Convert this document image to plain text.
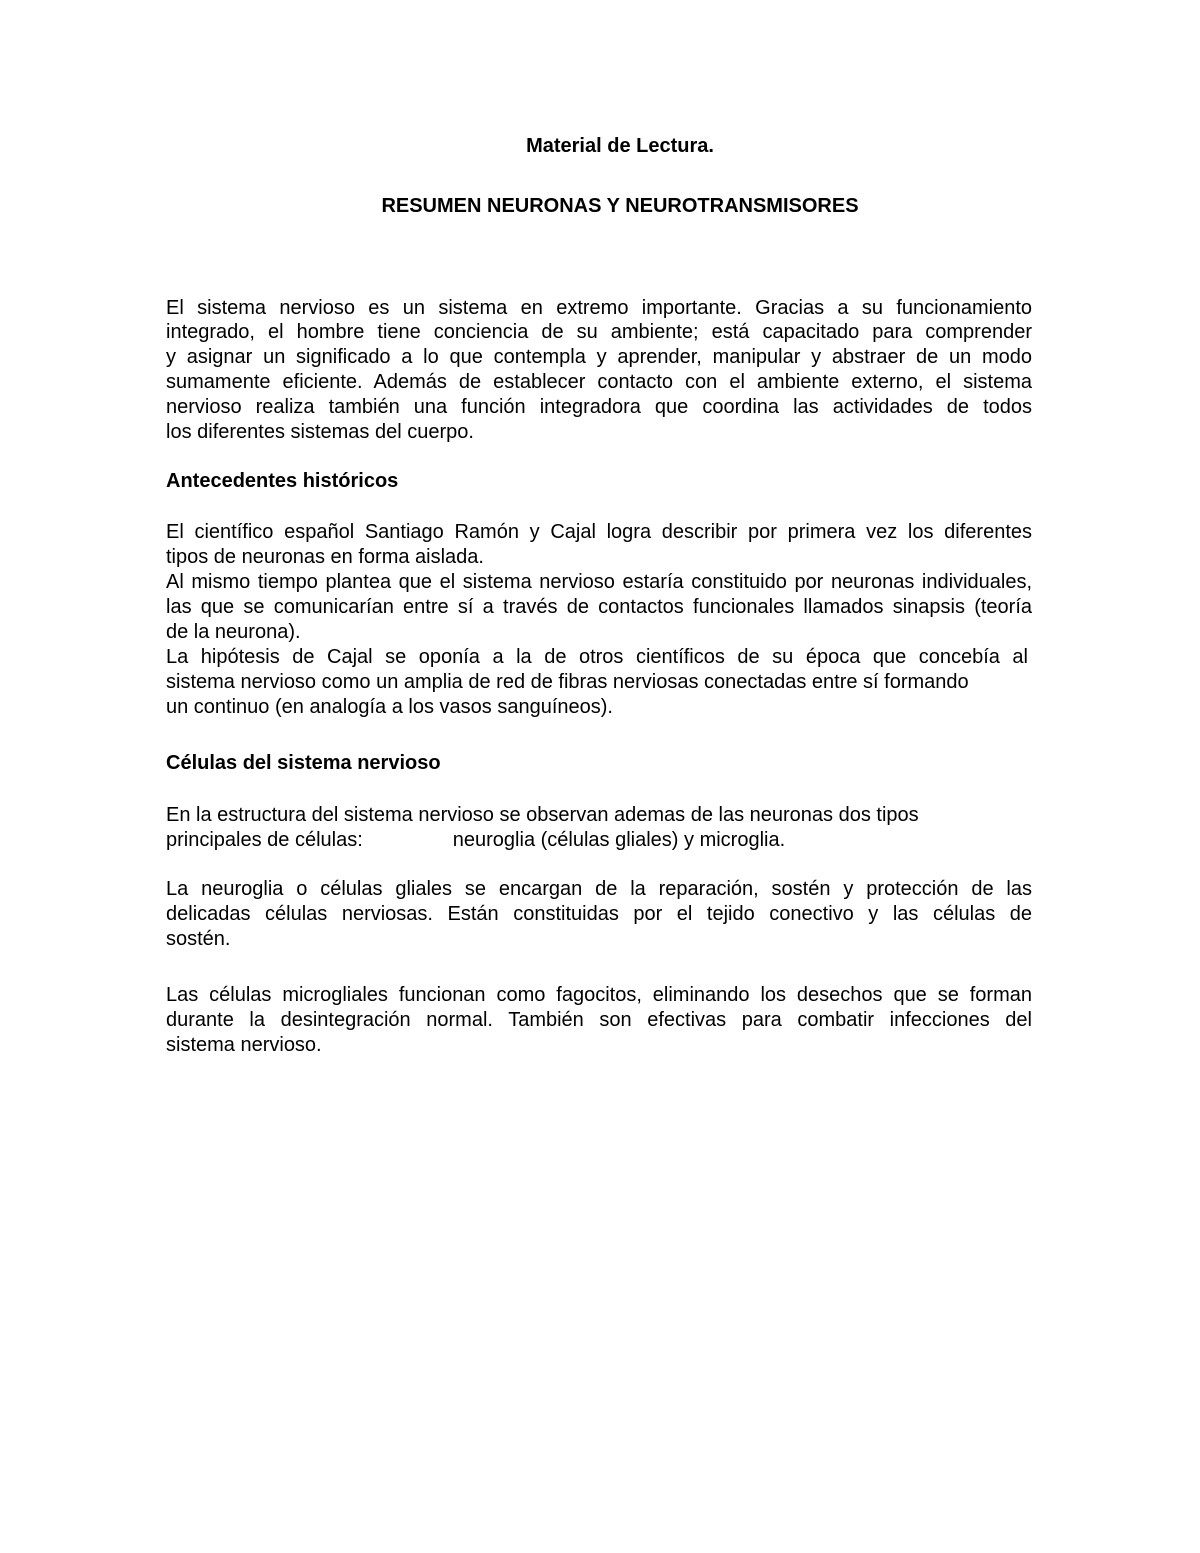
Material de Lectura.
RESUMEN NEURONAS Y NEUROTRANSMISORES
El sistema nervioso es un sistema en extremo importante. Gracias a su funcionamiento
integrado, el hombre tiene conciencia de su ambiente; está capacitado para comprender
y asignar un significado a lo que contempla y aprender, manipular y abstraer de un modo
sumamente eficiente. Además de establecer contacto con el ambiente externo, el sistema
nervioso realiza también una función integradora que coordina las actividades de todos
los diferentes sistemas del cuerpo.
Antecedentes históricos
El científico español Santiago Ramón y Cajal logra describir por primera vez los diferentes
tipos de neuronas en forma aislada.
Al mismo tiempo plantea que el sistema nervioso estaría constituido por neuronas individuales,
las que se comunicarían entre sí a través de contactos funcionales llamados sinapsis (teoría
de la neurona).
La hipótesis de Cajal se oponía a la de otros científicos de su época que concebía al
sistema nervioso como un amplia de red de fibras nerviosas conectadas entre sí formando
un continuo (en analogía a los vasos sanguíneos).
Células del sistema nervioso
En la estructura del sistema nervioso se observan ademas de las neuronas dos tipos
principales de células:	neuroglia (células gliales) y microglia.
La neuroglia o células gliales se encargan de la reparación, sostén y protección de las
delicadas células nerviosas. Están constituidas por el tejido conectivo y las células de
sostén.
Las células microgliales funcionan como fagocitos, eliminando los desechos que se forman
durante la desintegración normal. También son efectivas para combatir infecciones del
sistema nervioso.
